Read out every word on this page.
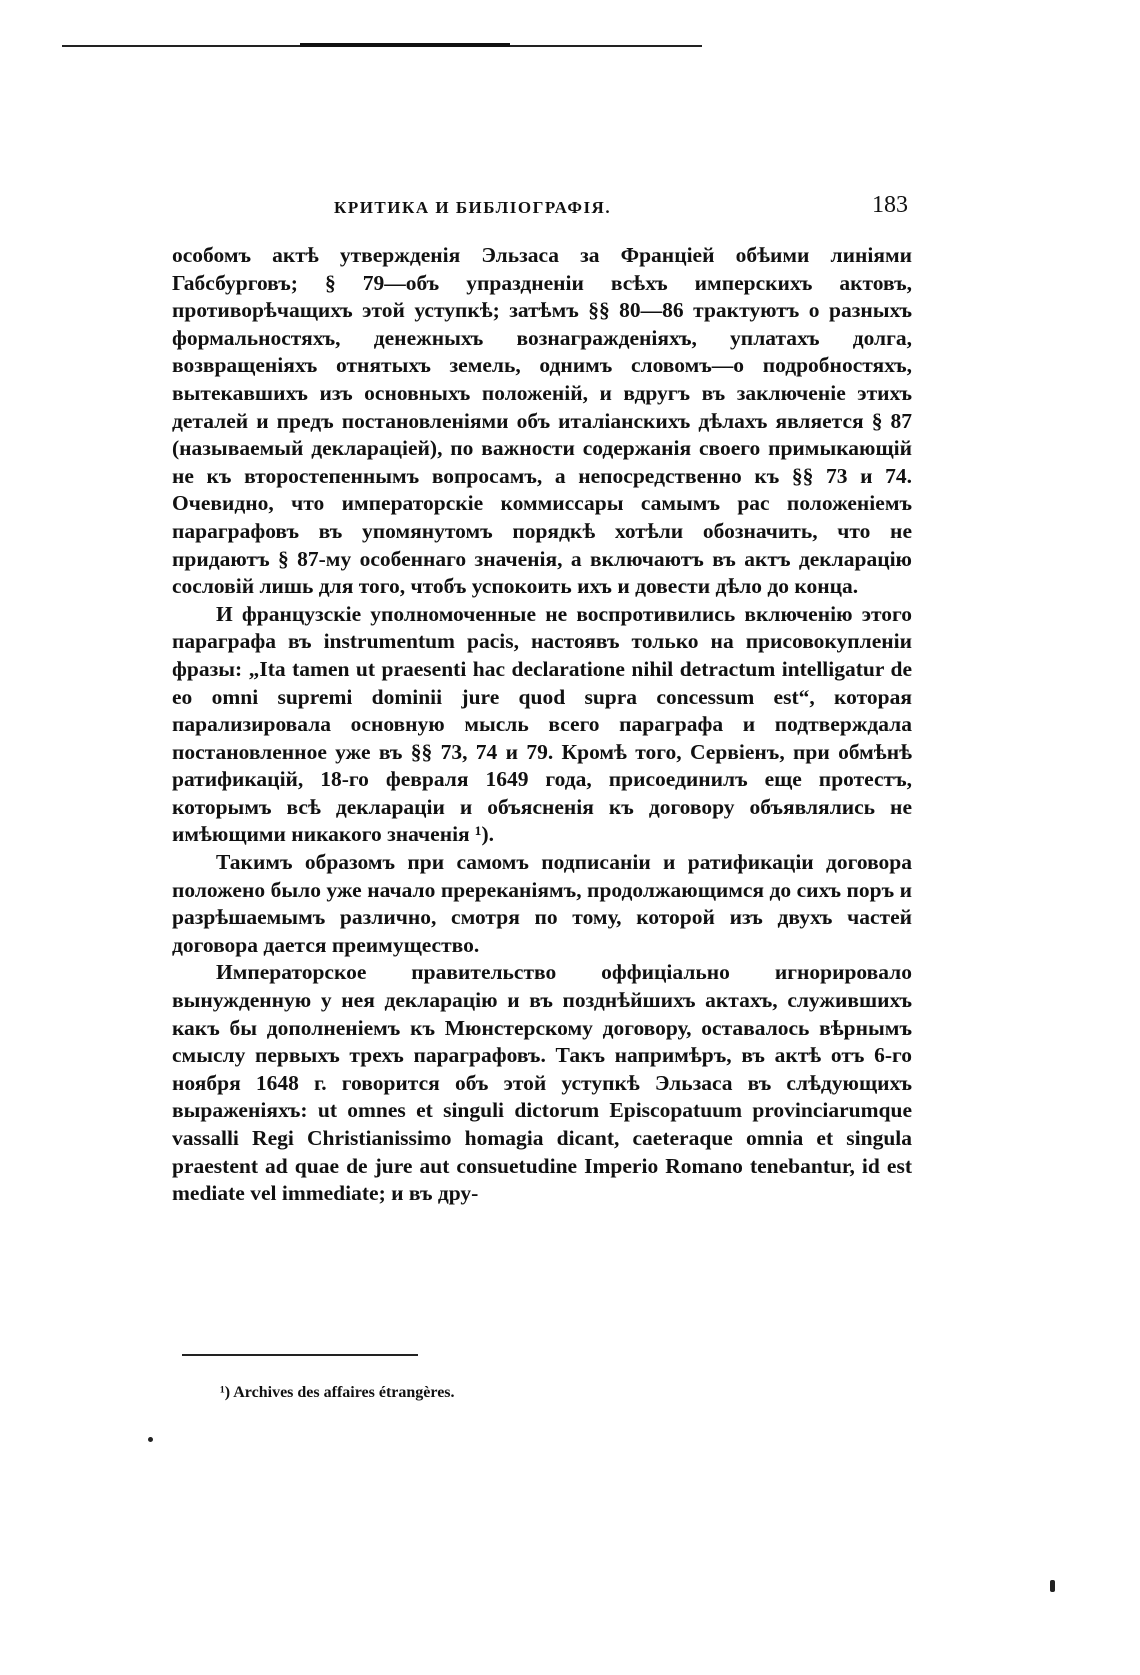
КРИТИКА И БИБЛІОГРАФІЯ.	183

особомъ актѣ утвержденія Эльзаса за Франціей обѣими линіями Габсбурговъ; § 79—объ упраздненіи всѣхъ имперскихъ актовъ, противорѣчащихъ этой уступкѣ; затѣмъ §§ 80—86 трактуютъ о разныхъ формальностяхъ, денежныхъ вознагражденіяхъ, уплатахъ долга, возвращеніяхъ отнятыхъ земель, однимъ словомъ—о подробностяхъ, вытекавшихъ изъ основныхъ положеній, и вдругъ въ заключеніе этихъ деталей и предъ постановленіями объ италіанскихъ дѣлахъ является § 87 (называемый декларацiей), по важности содержанія своего примыкающій не къ второстепеннымъ вопросамъ, а непосредственно къ §§ 73 и 74. Очевидно, что императорскіе коммиссары самымъ рас положеніемъ параграфовъ въ упомянутомъ порядкѣ хотѣли обозначить, что не придаютъ § 87-му особеннаго значенія, а включаютъ въ актъ декларацію сословій лишь для того, чтобъ успокоить ихъ и довести дѣло до конца.

И французскіе уполномоченные не воспротивились включенію этого параграфа въ instrumentum pacis, настоявъ только на присовокупленіи фразы: „Ita tamen ut praesenti hac declaratione nihil detractum intelligatur de eo omni supremi dominii jure quod supra concessum est“, которая парализировала основную мысль всего параграфа и подтверждала постановленное уже въ §§ 73, 74 и 79. Кромѣ того, Сервіенъ, при обмѣнѣ ратификацій, 18-го февраля 1649 года, присоединилъ еще протестъ, которымъ всѣ декларацiи и объясненія къ договору объявлялись не имѣющими никакого значенія ¹).

Такимъ образомъ при самомъ подписаніи и ратификаціи договора положено было уже начало пререканіямъ, продолжающимся до сихъ поръ и разрѣшаемымъ различно, смотря по тому, которой изъ двухъ частей договора дается преимущество.

Императорское правительство оффиціально игнорировало вынужденную у нея декларацію и въ позднѣйшихъ актахъ, служившихъ какъ бы дополненіемъ къ Мюнстерскому договору, оставалось вѣрнымъ смыслу первыхъ трехъ параграфовъ. Такъ напримѣръ, въ актѣ отъ 6-го ноября 1648 г. говорится объ этой уступкѣ Эльзаса въ слѣдующихъ выраженіяхъ: ut omnes et singuli dictorum Episcopatuum provinciarumque vassalli Regi Christianissimo homagia dicant, caeteraque omnia et singula praestent ad quae de jure aut consuetudine Imperio Romano tenebantur, id est mediate vel immediate; и въ дру-

¹) Archives des affaires étrangères.
